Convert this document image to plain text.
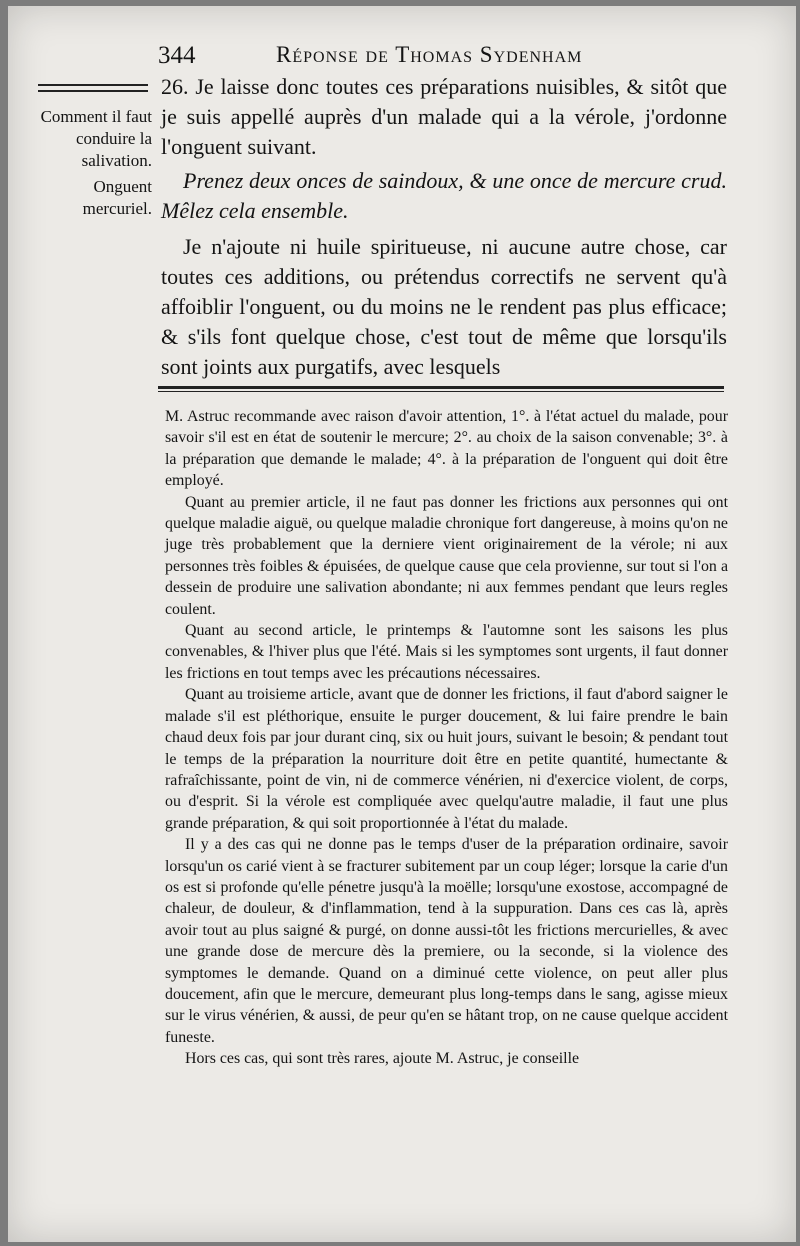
344	Réponse de Thomas Sydenham
Comment il faut conduire la salivation.
Onguent mercuriel.

26. Je laisse donc toutes ces préparations nuisibles, & sitôt que je suis appellé auprès d'un malade qui a la vérole, j'ordonne l'onguent suivant.

Prenez deux onces de saindoux, & une once de mercure crud. Mêlez cela ensemble.

Je n'ajoute ni huile spiritueuse, ni aucune autre chose, car toutes ces additions, ou prétendus correctifs ne servent qu'à affoiblir l'onguent, ou du moins ne le rendent pas plus efficace; & s'ils font quelque chose, c'est tout de même que lorsqu'ils sont joints aux purgatifs, avec lesquels

M. Astruc recommande avec raison d'avoir attention, 1°. à l'état actuel du malade, pour savoir s'il est en état de soutenir le mercure; 2°. au choix de la saison convenable; 3°. à la préparation que demande le malade; 4°. à la préparation de l'onguent qui doit être employé.

Quant au premier article, il ne faut pas donner les frictions aux personnes qui ont quelque maladie aiguë, ou quelque maladie chronique fort dangereuse, à moins qu'on ne juge très probablement que la derniere vient originairement de la vérole; ni aux personnes très foibles & épuisées, de quelque cause que cela provienne, sur tout si l'on a dessein de produire une salivation abondante; ni aux femmes pendant que leurs regles coulent.

Quant au second article, le printemps & l'automne sont les saisons les plus convenables, & l'hiver plus que l'été. Mais si les symptomes sont urgents, il faut donner les frictions en tout temps avec les précautions nécessaires.

Quant au troisieme article, avant que de donner les frictions, il faut d'abord saigner le malade s'il est pléthorique, ensuite le purger doucement, & lui faire prendre le bain chaud deux fois par jour durant cinq, six ou huit jours, suivant le besoin; & pendant tout le temps de la préparation la nourriture doit être en petite quantité, humectante & rafraîchissante, point de vin, ni de commerce vénérien, ni d'exercice violent, de corps, ou d'esprit. Si la vérole est compliquée avec quelqu'autre maladie, il faut une plus grande préparation, & qui soit proportionnée à l'état du malade.

Il y a des cas qui ne donne pas le temps d'user de la préparation ordinaire, savoir lorsqu'un os carié vient à se fracturer subitement par un coup léger; lorsque la carie d'un os est si profonde qu'elle pénetre jusqu'à la moëlle; lorsqu'une exostose, accompagné de chaleur, de douleur, & d'inflammation, tend à la suppuration. Dans ces cas là, après avoir tout au plus saigné & purgé, on donne aussi-tôt les frictions mercurielles, & avec une grande dose de mercure dès la premiere, ou la seconde, si la violence des symptomes le demande. Quand on a diminué cette violence, on peut aller plus doucement, afin que le mercure, demeurant plus long-temps dans le sang, agisse mieux sur le virus vénérien, & aussi, de peur qu'en se hâtant trop, on ne cause quelque accident funeste.

Hors ces cas, qui sont très rares, ajoute M. Astruc, je conseille
